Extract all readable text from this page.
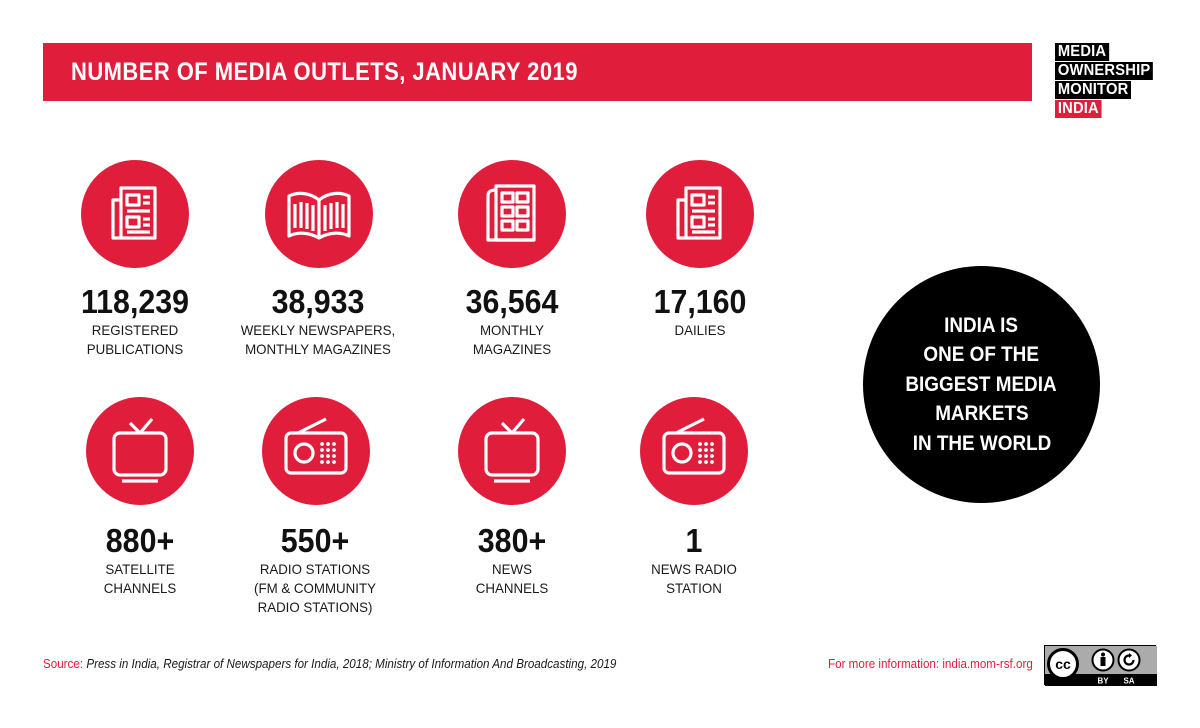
NUMBER OF MEDIA OUTLETS, JANUARY 2019
MEDIA
OWNERSHIP
MONITOR
INDIA
118,239
REGISTERED
PUBLICATIONS
38,933
WEEKLY NEWSPAPERS,
MONTHLY MAGAZINES
36,564
MONTHLY
MAGAZINES
17,160
DAILIES
880+
SATELLITE
CHANNELS
550+
RADIO STATIONS
(FM & COMMUNITY
RADIO STATIONS)
380+
NEWS
CHANNELS
1
NEWS RADIO
STATION
INDIA IS
ONE OF THE
BIGGEST MEDIA
MARKETS
IN THE WORLD
Source: Press in India, Registrar of Newspapers for India, 2018; Ministry of Information And Broadcasting, 2019	For more information: india.mom-rsf.org cc
BY SA
